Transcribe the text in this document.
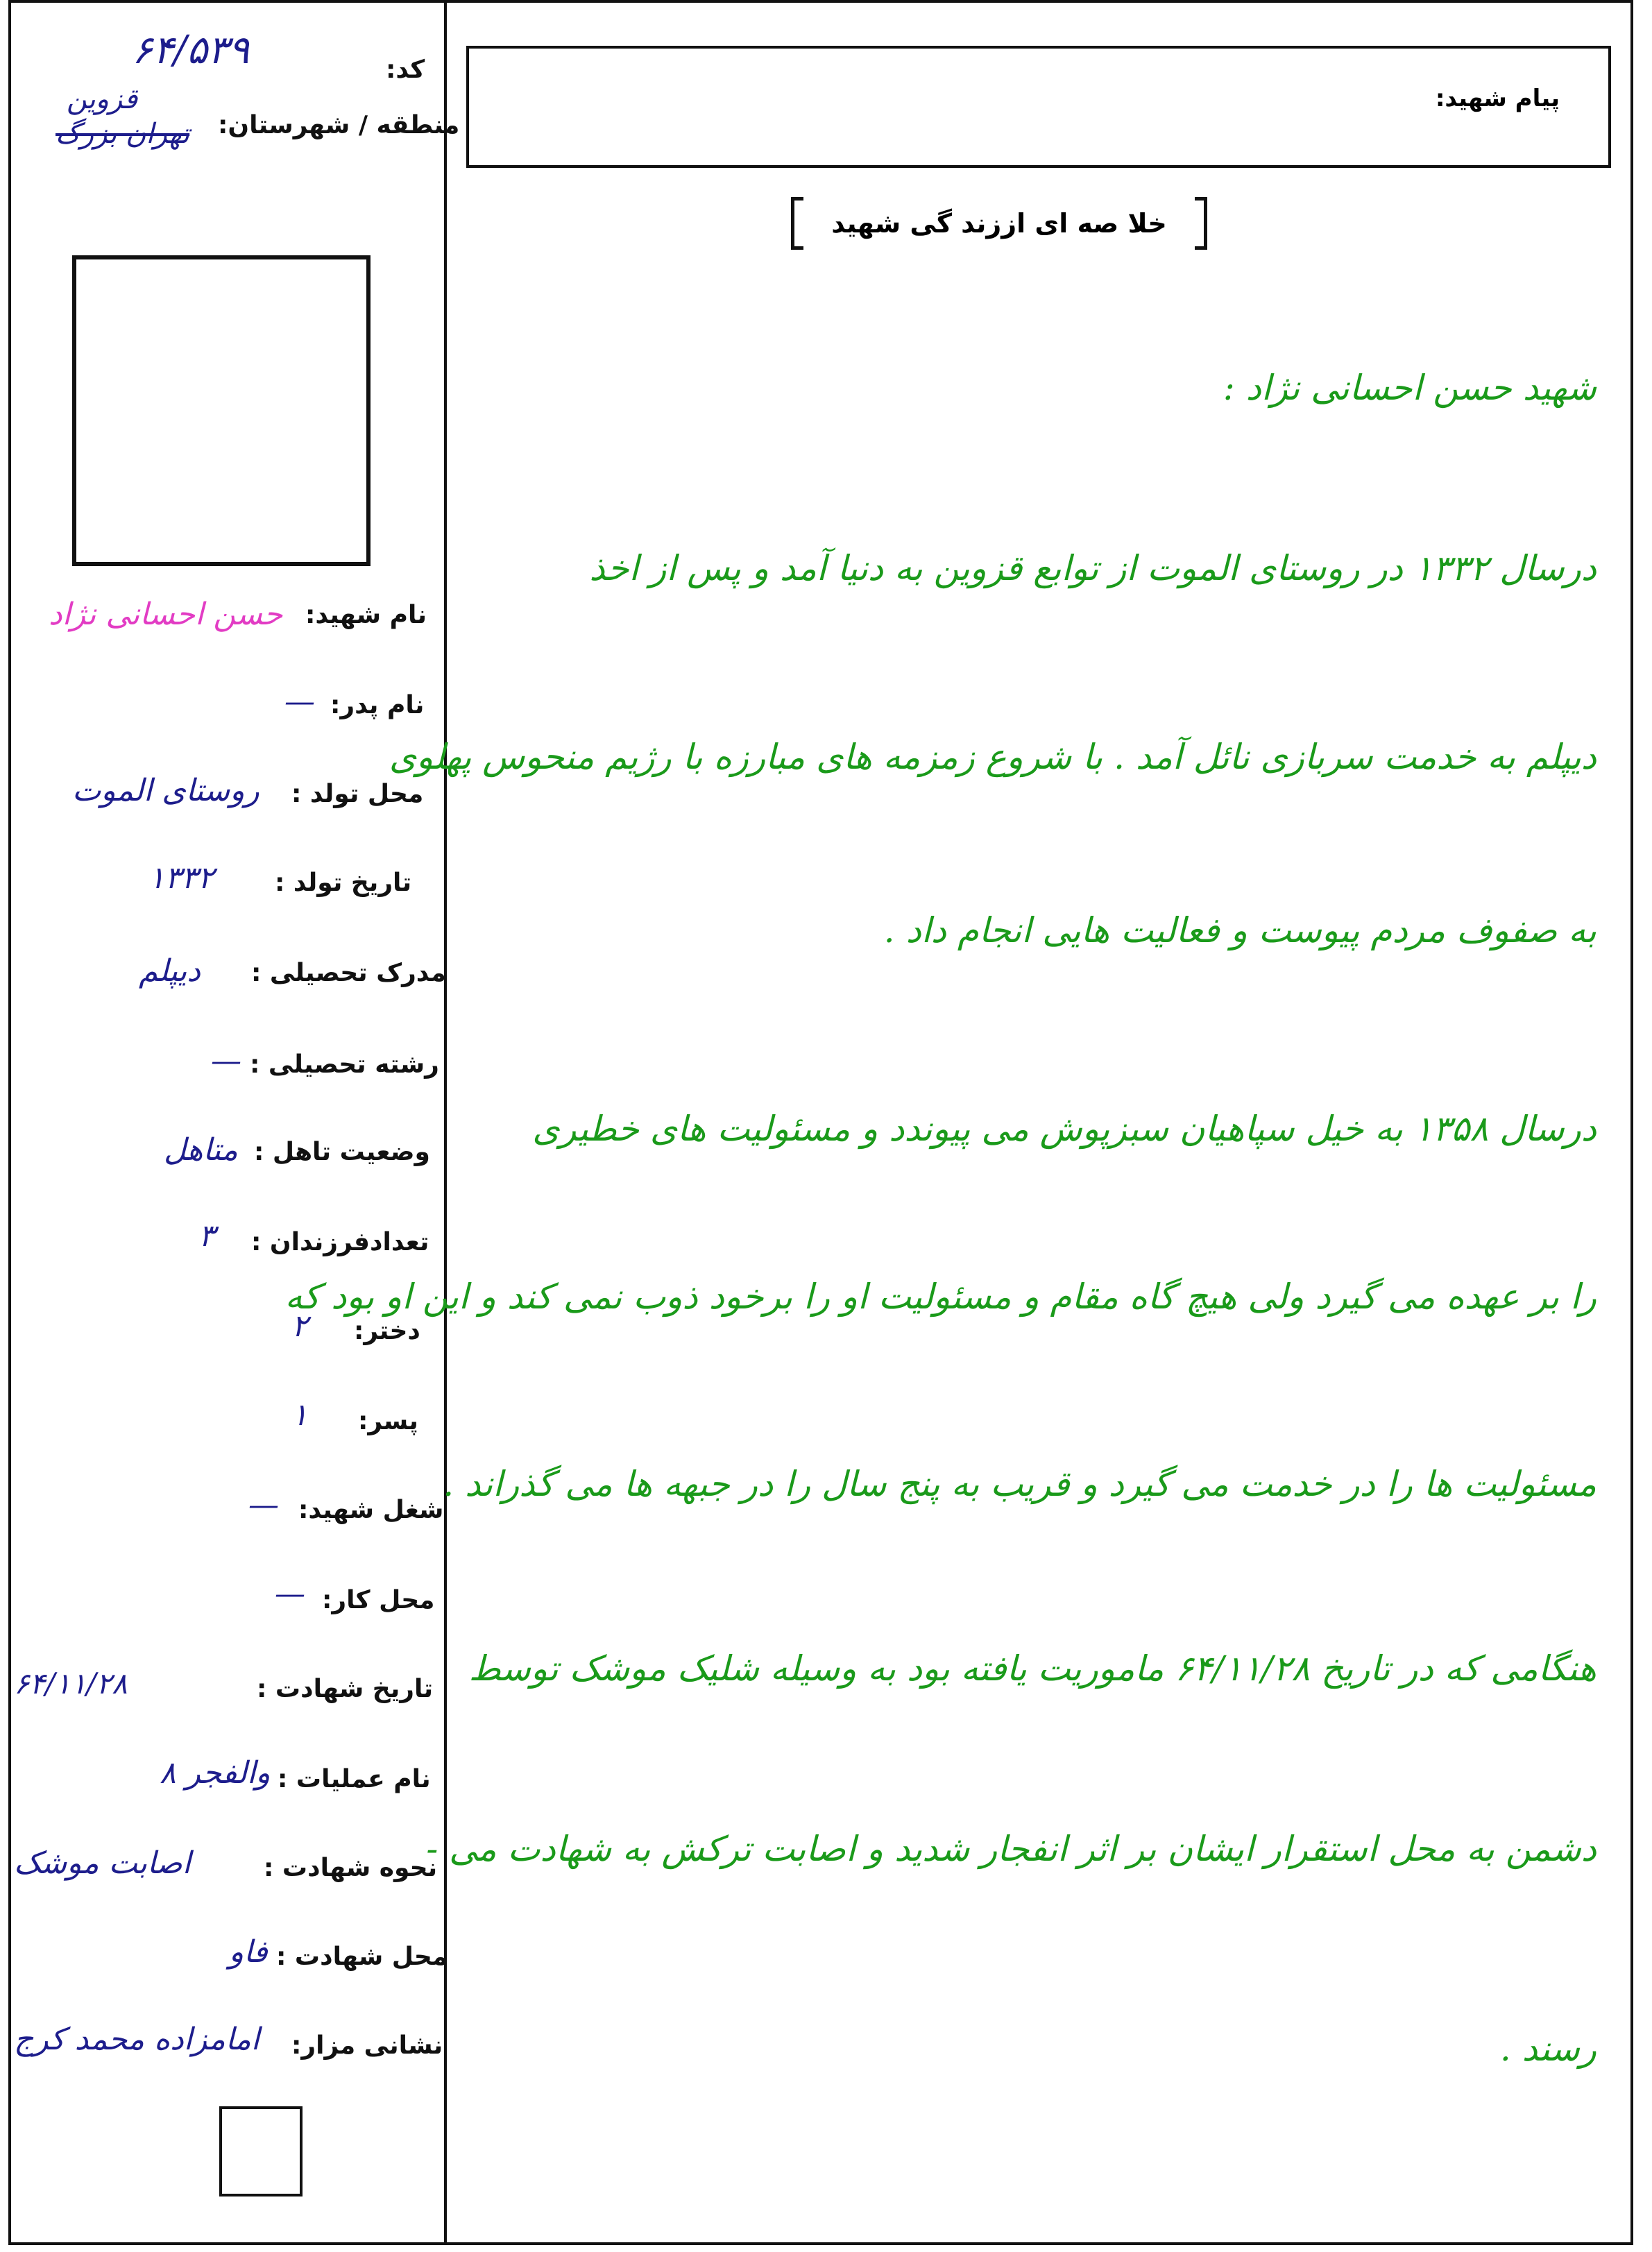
۶۴/۵۳۹	کد:
قزوین
تهران بزرگ منطقه / شهرستان:
حسن احسانی نژاد نام شهید:
— نام پدر:
روستای الموت محل تولد :
۱۳۳۲ تاریخ تولد :
دیپلم مدرک تحصیلی :
— رشته تحصیلی :
متاهل وضعیت تاهل :
۳ تعدادفرزندان :
۲ دختر:
۱ پسر:
— شغل شهید:
— محل کار:
۶۴/۱۱/۲۸	تاریخ شهادت :
والفجر ۸ نام عملیات :
اصابت موشک	نحوه شهادت :
فاو محل شهادت :
امامزاده محمد کرج نشانی مزار:
پیام شهید:
خلا صه ای اززند گی شهید
شهید حسن احسانی نژاد :
درسال ۱۳۳۲ در روستای الموت از توابع قزوین به دنیا آمد و پس از اخذ
دیپلم به خدمت سربازی نائل آمد . با شروع زمزمه های مبارزه با رژیم منحوس پهلوی
به صفوف مردم پیوست و فعالیت هایی انجام داد .
درسال ۱۳۵۸ به خیل سپاهیان سبزپوش می پیوندد و مسئولیت های خطیری
را بر عهده می گیرد ولی هیچ گاه مقام و مسئولیت او را برخود ذوب نمی کند و این او بود که
مسئولیت ها را در خدمت می گیرد و قریب به پنج سال را در جبهه ها می گذراند .
هنگامی که در تاریخ ۶۴/۱۱/۲۸ ماموریت یافته بود به وسیله شلیک موشک توسط
دشمن به محل استقرار ایشان بر اثر انفجار شدید و اصابت ترکش به شهادت می -
رسند .
